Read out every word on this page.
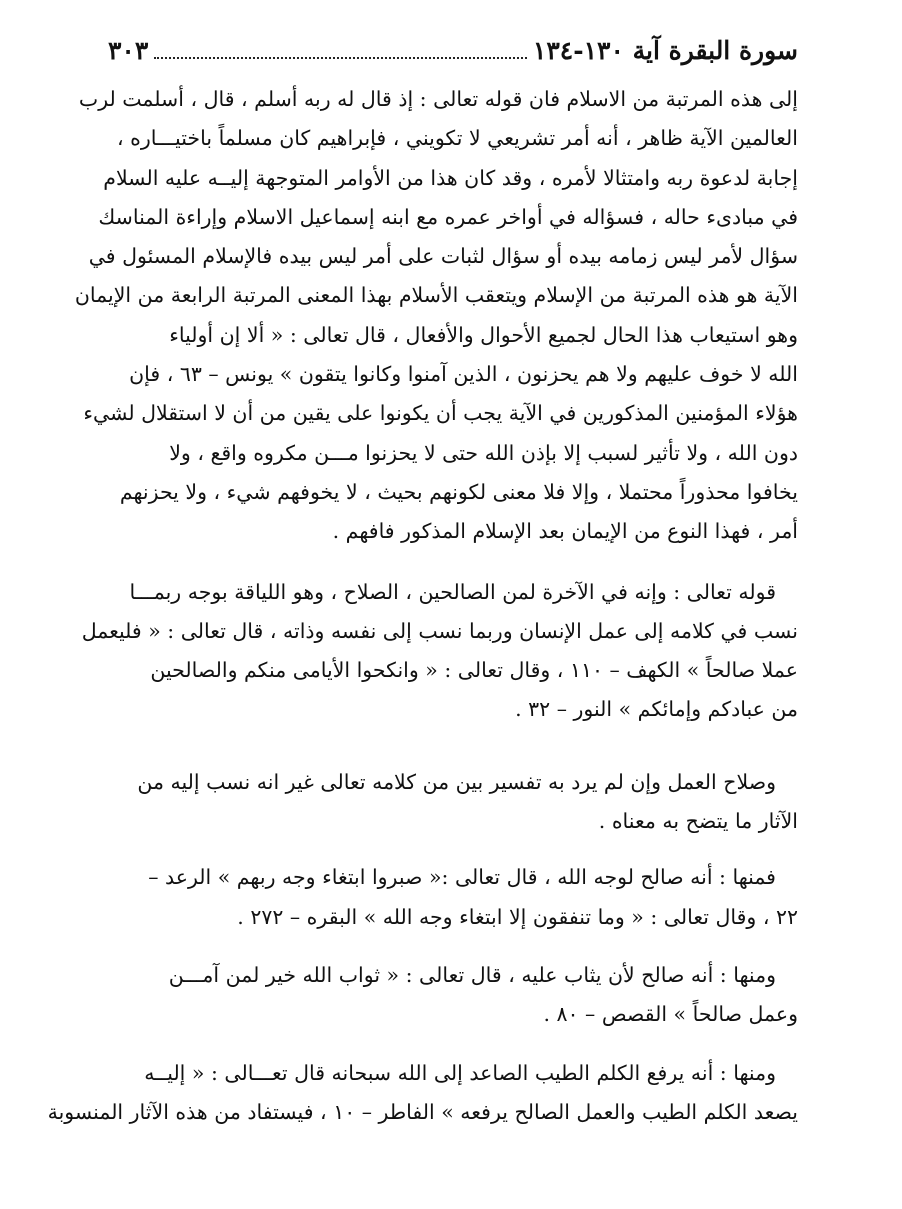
سورة البقرة آية ١٣٠-١٣٤
٣٠٣

إلى هذه المرتبة من الاسلام فان قوله تعالى : إذ قال له ربه أسلم ، قال ، أسلمت لرب
العالمين الآية ظاهر ، أنه أمر تشريعي لا تكويني ، فإبراهيم كان مسلماً باختيـــاره ،
إجابة لدعوة ربه وامتثالا لأمره ، وقد كان هذا من الأوامر المتوجهة إليــه عليه السلام
في مبادىء حاله ، فسؤاله في أواخر عمره مع ابنه إسماعيل الاسلام وإراءة المناسك
سؤال لأمر ليس زمامه بيده أو سؤال لثبات على أمر ليس بيده فالإسلام المسئول في
الآية هو هذه المرتبة من الإسلام ويتعقب الأسلام بهذا المعنى المرتبة الرابعة من الإيمان
وهو استيعاب هذا الحال لجميع الأحوال والأفعال ، قال تعالى : « ألا إن أولياء
الله لا خوف عليهم ولا هم يحزنون ، الذين آمنوا وكانوا يتقون » يونس – ٦٣ ، فإن
هؤلاء المؤمنين المذكورين في الآية يجب أن يكونوا على يقين من أن لا استقلال لشيء
دون الله ، ولا تأثير لسبب إلا بإذن الله حتى لا يحزنوا مـــن مكروه واقع ، ولا
يخافوا محذوراً محتملا ، وإلا فلا معنى لكونهم بحيث ، لا يخوفهم شيء ، ولا يحزنهم
أمر ، فهذا النوع من الإيمان بعد الإسلام المذكور فافهم .

قوله تعالى : وإنه في الآخرة لمن الصالحين ، الصلاح ، وهو اللياقة بوجه ربمـــا
نسب في كلامه إلى عمل الإنسان وربما نسب إلى نفسه وذاته ، قال تعالى : « فليعمل
عملا صالحاً » الكهف – ١١٠ ، وقال تعالى : « وانكحوا الأيامى منكم والصالحين
من عبادكم وإمائكم » النور – ٣٢ .

وصلاح العمل وإن لم يرد به تفسير بين من كلامه تعالى غير انه نسب إليه من
الآثار ما يتضح به معناه .

فمنها : أنه صالح لوجه الله ، قال تعالى :« صبروا ابتغاء وجه ربهم » الرعد –
٢٢ ، وقال تعالى : « وما تنفقون إلا ابتغاء وجه الله » البقره – ٢٧٢ .

ومنها : أنه صالح لأن يثاب عليه ، قال تعالى : « ثواب الله خير لمن آمـــن
وعمل صالحاً » القصص – ٨٠ .

ومنها : أنه يرفع الكلم الطيب الصاعد إلى الله سبحانه قال تعـــالى : « إليــه
يصعد الكلم الطيب والعمل الصالح يرفعه » الفاطر – ١٠ ، فيستفاد من هذه الآثار المنسوبة
